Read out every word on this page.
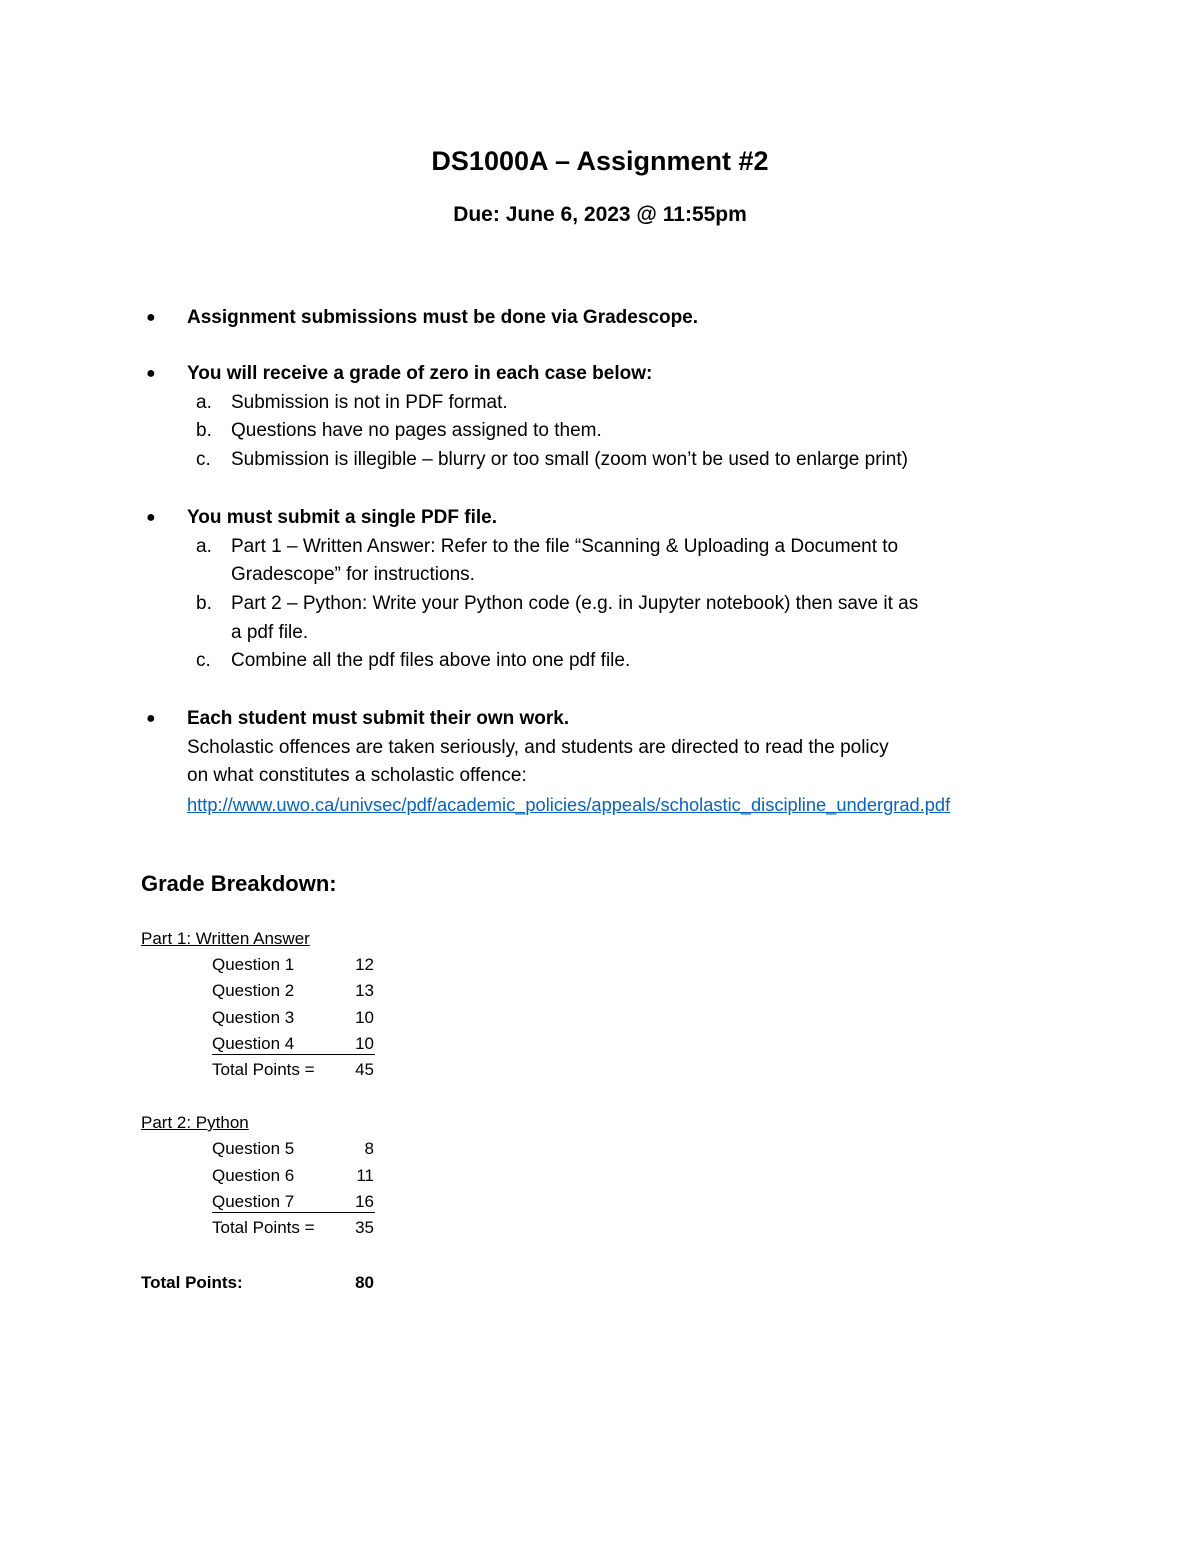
DS1000A – Assignment #2
Due: June 6, 2023 @ 11:55pm
● Assignment submissions must be done via Gradescope.
● You will receive a grade of zero in each case below:
a. Submission is not in PDF format.
b. Questions have no pages assigned to them.
c. Submission is illegible – blurry or too small (zoom won’t be used to enlarge print)
● You must submit a single PDF file.
a. Part 1 – Written Answer: Refer to the file “Scanning & Uploading a Document to
Gradescope” for instructions.
b. Part 2 – Python: Write your Python code (e.g. in Jupyter notebook) then save it as
a pdf file.
c. Combine all the pdf files above into one pdf file.
● Each student must submit their own work.
Scholastic offences are taken seriously, and students are directed to read the policy
on what constitutes a scholastic offence:
http://www.uwo.ca/univsec/pdf/academic_policies/appeals/scholastic_discipline_undergrad.pdf
Grade Breakdown:
Part 1: Written Answer
Question 1	12
Question 2	13
Question 3	10
Question 4	10
Total Points =	45
Part 2: Python
Question 5	8
Question 6	11
Question 7	16
Total Points =	35
Total Points:	80
